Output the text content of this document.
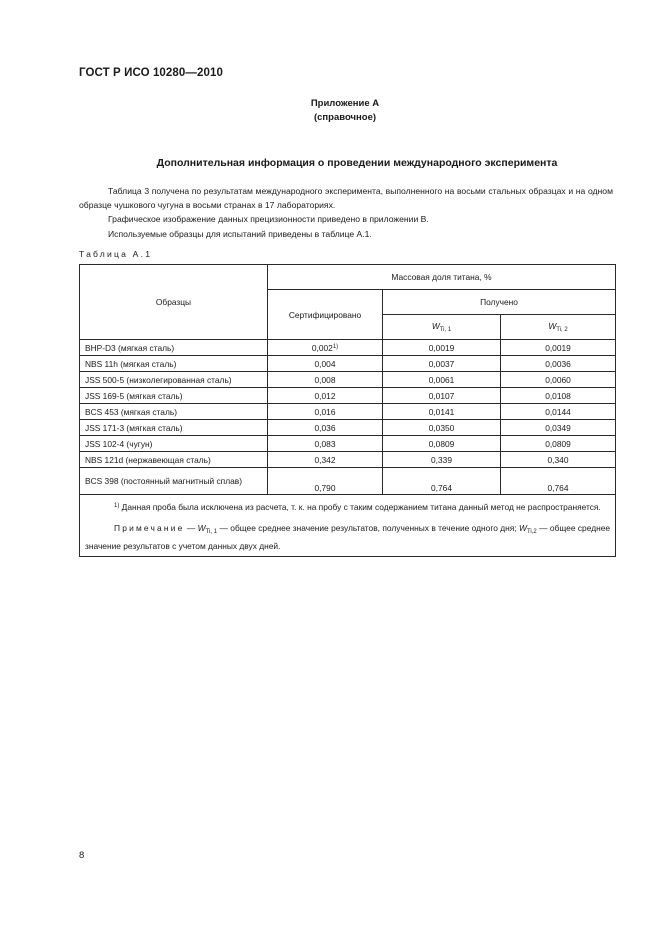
ГОСТ Р ИСО 10280—2010
Приложение А
(справочное)
Дополнительная информация о проведении международного эксперимента

Таблица 3 получена по результатам международного эксперимента, выполненного на восьми стальных образцах и на одном образце чушкового чугуна в восьми странах в 17 лабораториях.

Графическое изображение данных прецизионности приведено в приложении В.

Используемые образцы для испытаний приведены в таблице А.1.

Таблица А.1
Образцы	Массовая доля титана, %		
	Сертифицировано	Получено	
		$W_{Ti, 1}$	$W_{Ti, 2}$
BHP-D3 (мягкая сталь)	0,002$^{1)}$	0,0019	0,0019
NBS 11h (мягкая сталь)	0,004	0,0037	0,0036
JSS 500-5 (низколегированная сталь)	0,008	0,0061	0,0060
JSS 169-5 (мягкая сталь)	0,012	0,0107	0,0108
BCS 453 (мягкая сталь)	0,016	0,0141	0,0144
JSS 171-3 (мягкая сталь)	0,036	0,0350	0,0349
JSS 102-4 (чугун)	0,083	0,0809	0,0809
NBS 121d (нержавеющая сталь)	0,342	0,339	0,340
BCS 398 (постоянный магнитный сплав)	0,790	0,764	0,764

$^{1)}$ Данная проба была исключена из расчета, т. к. на пробу с таким содержанием титана данный метод не распространяется.

Примечание — $W_{Ti, 1}$ — общее среднее значение результатов, полученных в течение одного дня; $W_{Ti,2}$ — общее среднее значение результатов с учетом данных двух дней.			

8
